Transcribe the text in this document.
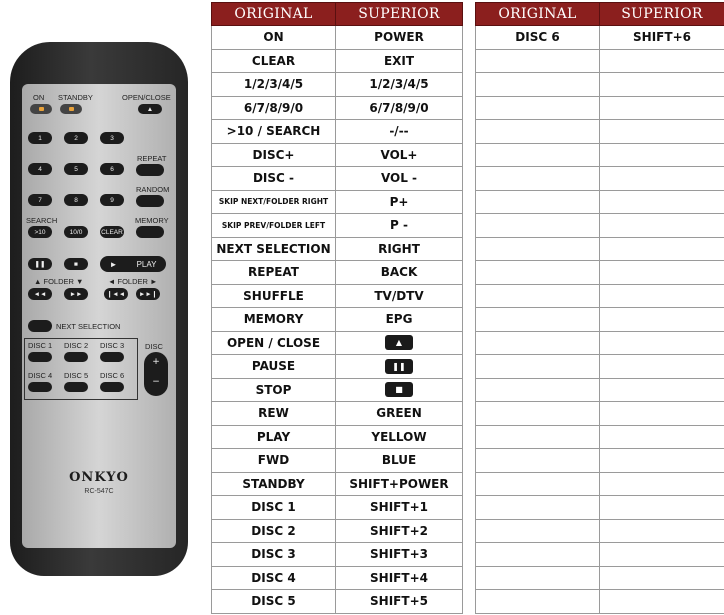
ON STANDBY	OPEN/CLOSE
▲
REPEAT
RANDOM
MEMORY
SEARCH
❚❚	■	► PLAY
▲ FOLDER ▼	◄ FOLDER ►
◄◄	►►	❙◄◄	►►❙
NEXT SELECTION
DISC
+
−
ONKYO
RC-547C
1	2	3
4	5	6
7	8	9
>10	10/0	CLEAR
DISC 1 DISC 2 DISC 3
DISC 4 DISC 5 DISC 6
ORIGINAL	SUPERIOR
ON	POWER
CLEAR	EXIT
1/2/3/4/5	1/2/3/4/5
6/7/8/9/0	6/7/8/9/0
>10 / SEARCH	-/--
DISC+	VOL+
DISC -	VOL -
SKIP NEXT/FOLDER RIGHT	P+
SKIP PREV/FOLDER LEFT	P -
NEXT SELECTION	RIGHT
REPEAT	BACK
SHUFFLE	TV/DTV
MEMORY	EPG
OPEN / CLOSE	▲
PAUSE	❚❚
STOP	■
REW	GREEN
PLAY	YELLOW
FWD	BLUE
STANDBY	SHIFT+POWER
DISC 1	SHIFT+1
DISC 2	SHIFT+2
DISC 3	SHIFT+3
DISC 4	SHIFT+4
DISC 5	SHIFT+5
ORIGINAL	SUPERIOR
DISC 6	SHIFT+6
